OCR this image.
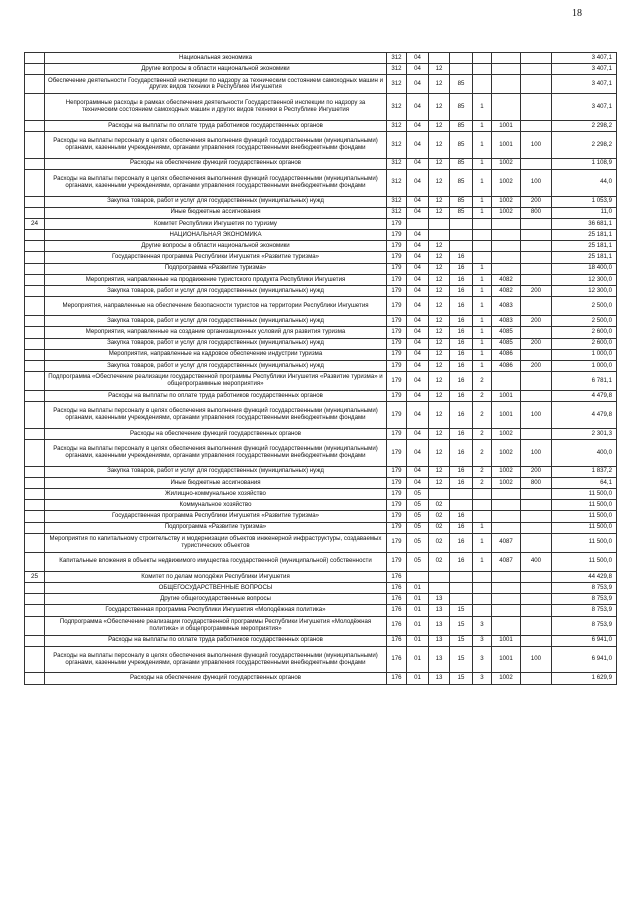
18
	Национальная экономика	312	04						3 407,1
	Другие вопросы в области национальной экономики	312	04	12					3 407,1
	Обеспечение деятельности Государственной инспекции по надзору за техническим состоянием самоходных машин и других видов техники в Республике Ингушетия	312	04	12	85				3 407,1
	Непрограммные расходы в рамках обеспечения деятельности Государственной инспекции по надзору за техническим состоянием самоходных машин и других видов техники в Республике Ингушетия	312	04	12	85	1			3 407,1
	Расходы на выплаты по оплате труда работников государственных органов	312	04	12	85	1	1001		2 298,2
	Расходы на выплаты персоналу в целях обеспечения выполнения функций государственными (муниципальными) органами, казенными учреждениями, органами управления государственными внебюджетными фондами	312	04	12	85	1	1001	100	2 298,2
	Расходы на обеспечение функций государственных органов	312	04	12	85	1	1002		1 108,9
	Расходы на выплаты персоналу в целях обеспечения выполнения функций государственными (муниципальными) органами, казенными учреждениями, органами управления государственными внебюджетными фондами	312	04	12	85	1	1002	100	44,0
	Закупка товаров, работ и услуг для государственных (муниципальных) нужд	312	04	12	85	1	1002	200	1 053,9
	Иные бюджетные ассигнования	312	04	12	85	1	1002	800	11,0
24	Комитет Республики Ингушетия по туризму	179							36 681,1
	НАЦИОНАЛЬНАЯ ЭКОНОМИКА	179	04						25 181,1
	Другие вопросы в области национальной экономики	179	04	12					25 181,1
	Государственная программа Республики Ингушетия «Развитие туризма»	179	04	12	16				25 181,1
	Подпрограмма «Развитие туризма»	179	04	12	16	1			18 400,0
	Мероприятия, направленные на продвижение туристского продукта Республики Ингушетия	179	04	12	16	1	4082		12 300,0
	Закупка товаров, работ и услуг для государственных (муниципальных) нужд	179	04	12	16	1	4082	200	12 300,0
	Мероприятия, направленные на обеспечение безопасности туристов на территории Республики Ингушетия	179	04	12	16	1	4083		2 500,0
	Закупка товаров, работ и услуг для государственных (муниципальных) нужд	179	04	12	16	1	4083	200	2 500,0
	Мероприятия, направленные на создание организационных условий для развития туризма	179	04	12	16	1	4085		2 600,0
	Закупка товаров, работ и услуг для государственных (муниципальных) нужд	179	04	12	16	1	4085	200	2 600,0
	Мероприятия, направленные на кадровое обеспечение индустрии туризма	179	04	12	16	1	4086		1 000,0
	Закупка товаров, работ и услуг для государственных (муниципальных) нужд	179	04	12	16	1	4086	200	1 000,0
	Подпрограмма «Обеспечение реализации государственной программы Республики Ингушетия «Развитие туризма» и общепрограммные мероприятия»	179	04	12	16	2			6 781,1
	Расходы на выплаты по оплате труда работников государственных органов	179	04	12	16	2	1001		4 479,8
	Расходы на выплаты персоналу в целях обеспечения выполнения функций государственными (муниципальными) органами, казенными учреждениями, органами управления государственными внебюджетными фондами	179	04	12	16	2	1001	100	4 479,8
	Расходы на обеспечение функций государственных органов	179	04	12	16	2	1002		2 301,3
	Расходы на выплаты персоналу в целях обеспечения выполнения функций государственными (муниципальными) органами, казенными учреждениями, органами управления государственными внебюджетными фондами	179	04	12	16	2	1002	100	400,0
	Закупка товаров, работ и услуг для государственных (муниципальных) нужд	179	04	12	16	2	1002	200	1 837,2
	Иные бюджетные ассигнования	179	04	12	16	2	1002	800	64,1
	Жилищно-коммунальное хозяйство	179	05						11 500,0
	Коммунальное хозяйство	179	05	02					11 500,0
	Государственная программа Республики Ингушетия «Развитие туризма»	179	05	02	16				11 500,0
	Подпрограмма «Развитие туризма»	179	05	02	16	1			11 500,0
	Мероприятия по капитальному строительству и модернизации объектов инженерной инфраструктуры, создаваемых туристических объектов	179	05	02	16	1	4087		11 500,0
	Капитальные вложения в объекты недвижимого имущества государственной (муниципальной) собственности	179	05	02	16	1	4087	400	11 500,0
25	Комитет по делам молодёжи Республики Ингушетия	176							44 429,8
	ОБЩЕГОСУДАРСТВЕННЫЕ ВОПРОСЫ	176	01						8 753,9
	Другие общегосударственные вопросы	176	01	13					8 753,9
	Государственная программа Республики Ингушетия «Молодёжная политика»	176	01	13	15				8 753,9
	Подпрограмма «Обеспечение реализации государственной программы Республики Ингушетия «Молодёжная политика» и общепрограммные мероприятия»	176	01	13	15	3			8 753,9
	Расходы на выплаты по оплате труда работников государственных органов	176	01	13	15	3	1001		6 941,0
	Расходы на выплаты персоналу в целях обеспечения выполнения функций государственными (муниципальными) органами, казенными учреждениями, органами управления государственными внебюджетными фондами	176	01	13	15	3	1001	100	6 941,0
	Расходы на обеспечение функций государственных органов	176	01	13	15	3	1002		1 629,9
